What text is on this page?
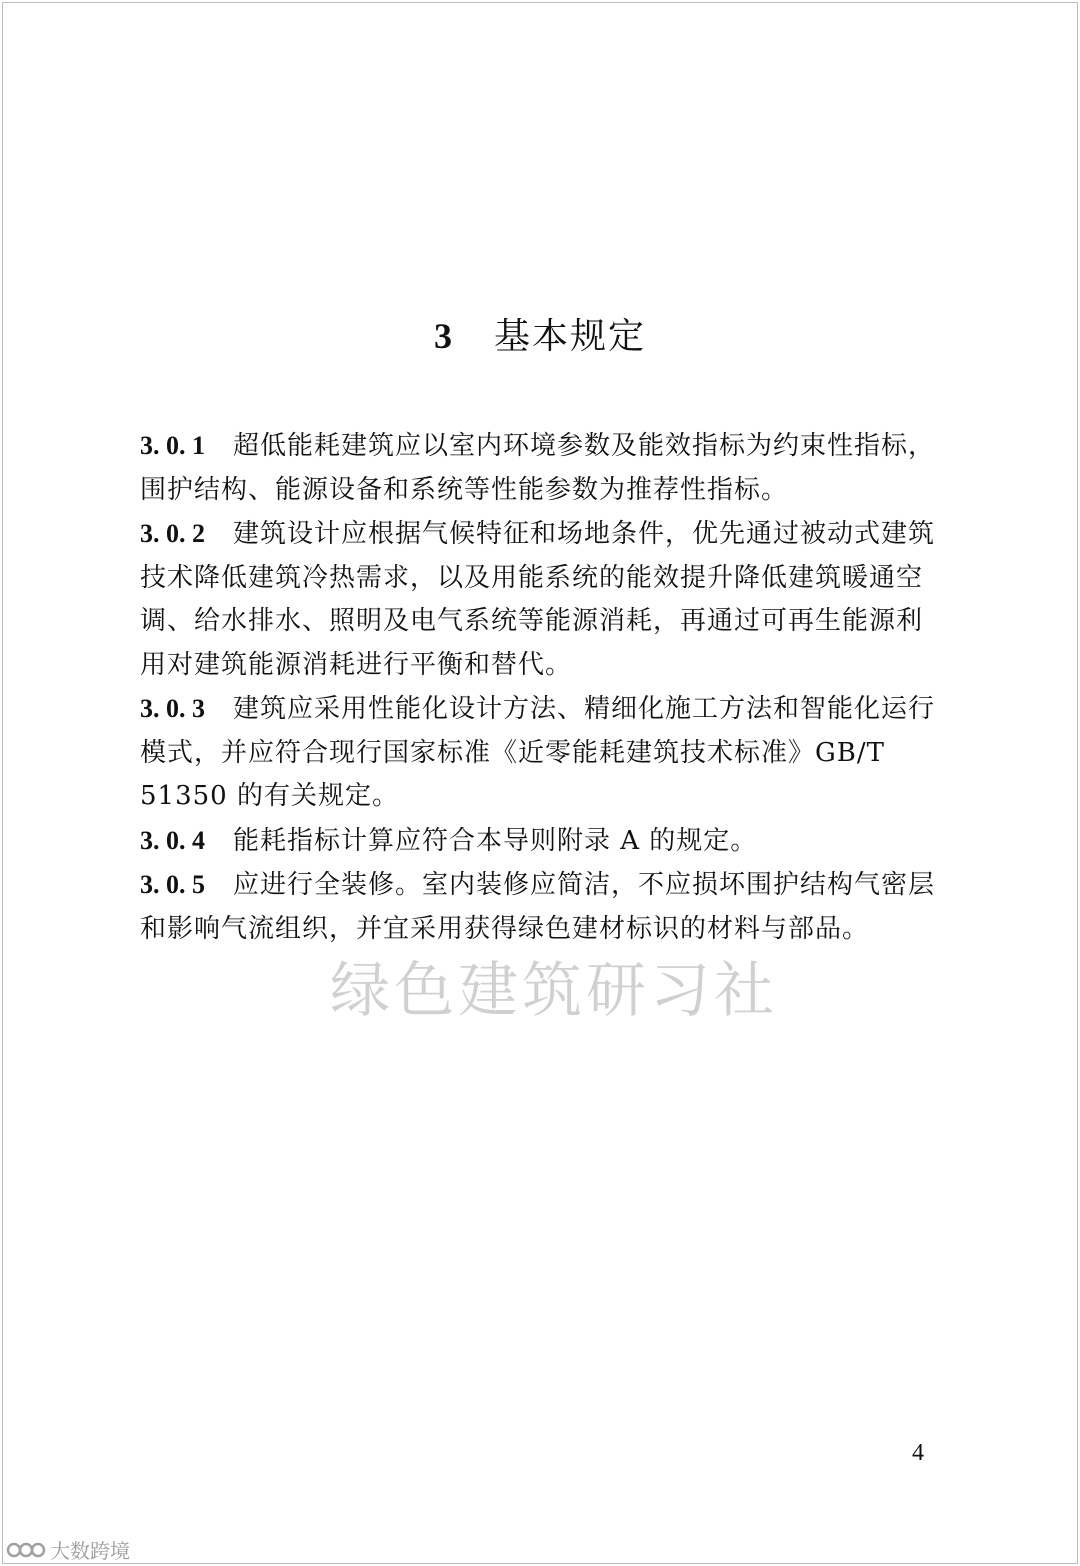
3 基本规定

3. 0. 1 超低能耗建筑应以室内环境参数及能效指标为约束性指标，围护结构、能源设备和系统等性能参数为推荐性指标。

3. 0. 2 建筑设计应根据气候特征和场地条件，优先通过被动式建筑技术降低建筑冷热需求，以及用能系统的能效提升降低建筑暖通空调、给水排水、照明及电气系统等能源消耗，再通过可再生能源利用对建筑能源消耗进行平衡和替代。

3. 0. 3 建筑应采用性能化设计方法、精细化施工方法和智能化运行模式，并应符合现行国家标准《近零能耗建筑技术标准》GB/T 51350 的有关规定。

3. 0. 4 能耗指标计算应符合本导则附录 A 的规定。

3. 0. 5 应进行全装修。室内装修应简洁，不应损坏围护结构气密层和影响气流组织，并宜采用获得绿色建材标识的材料与部品。

绿色建筑研习社
4
大数跨境
